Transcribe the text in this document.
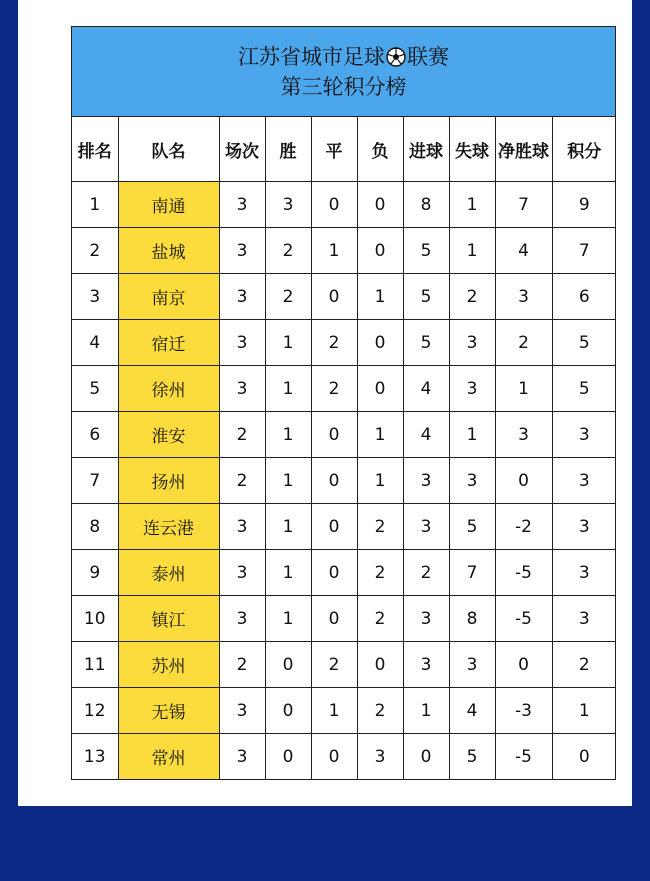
江苏省城市足球 联赛
第三轮积分榜
排名	队名	场次	胜	平	负	进球	失球	净胜球	积分
1	南通	3	3	0	0	8	1	7	9
2	盐城	3	2	1	0	5	1	4	7
3	南京	3	2	0	1	5	2	3	6
4	宿迁	3	1	2	0	5	3	2	5
5	徐州	3	1	2	0	4	3	1	5
6	淮安	2	1	0	1	4	1	3	3
7	扬州	2	1	0	1	3	3	0	3
8	连云港	3	1	0	2	3	5	-2	3
9	泰州	3	1	0	2	2	7	-5	3
10	镇江	3	1	0	2	3	8	-5	3
11	苏州	2	0	2	0	3	3	0	2
12	无锡	3	0	1	2	1	4	-3	1
13	常州	3	0	0	3	0	5	-5	0
